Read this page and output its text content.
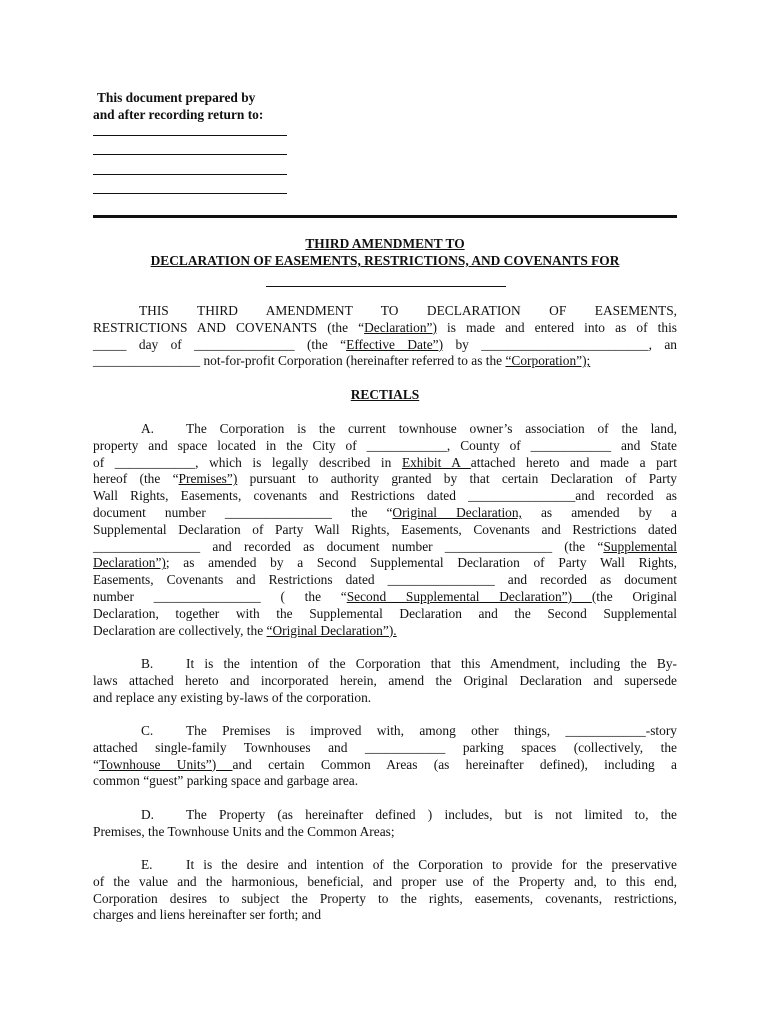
This document prepared by
and after recording return to:
THIRD AMENDMENT TO
DECLARATION OF EASEMENTS, RESTRICTIONS, AND COVENANTS FOR
THIS THIRD AMENDMENT TO DECLARATION OF EASEMENTS,
RESTRICTIONS AND COVENANTS (the “Declaration”) is made and entered into as of this
_____ day of _______________ (the “Effective Date”) by _________________________, an
________________ not-for-profit Corporation (hereinafter referred to as the “Corporation”);
RECTIALS
A. The Corporation is the current townhouse owner’s association of the land,
property and space located in the City of ____________, County of ____________ and State
of ____________, which is legally described in Exhibit A attached hereto and made a part
hereof (the “Premises”) pursuant to authority granted by that certain Declaration of Party
Wall Rights, Easements, covenants and Restrictions dated ________________and recorded as
document number ________________ the “Original Declaration, as amended by a
Supplemental Declaration of Party Wall Rights, Easements, Covenants and Restrictions dated
________________ and recorded as document number ________________ (the “Supplemental
Declaration”); as amended by a Second Supplemental Declaration of Party Wall Rights,
Easements, Covenants and Restrictions dated ________________ and recorded as document
number ________________ ( the “Second Supplemental Declaration”) (the Original
Declaration, together with the Supplemental Declaration and the Second Supplemental
Declaration are collectively, the “Original Declaration”).
B. It is the intention of the Corporation that this Amendment, including the By-
laws attached hereto and incorporated herein, amend the Original Declaration and supersede
and replace any existing by-laws of the corporation.
C. The Premises is improved with, among other things, ____________-story
attached single-family Townhouses and ____________ parking spaces (collectively, the
“Townhouse Units”) and certain Common Areas (as hereinafter defined), including a
common “guest” parking space and garbage area.
D. The Property (as hereinafter defined ) includes, but is not limited to, the
Premises, the Townhouse Units and the Common Areas;
E. It is the desire and intention of the Corporation to provide for the preservative
of the value and the harmonious, beneficial, and proper use of the Property and, to this end,
Corporation desires to subject the Property to the rights, easements, covenants, restrictions,
charges and liens hereinafter ser forth; and
